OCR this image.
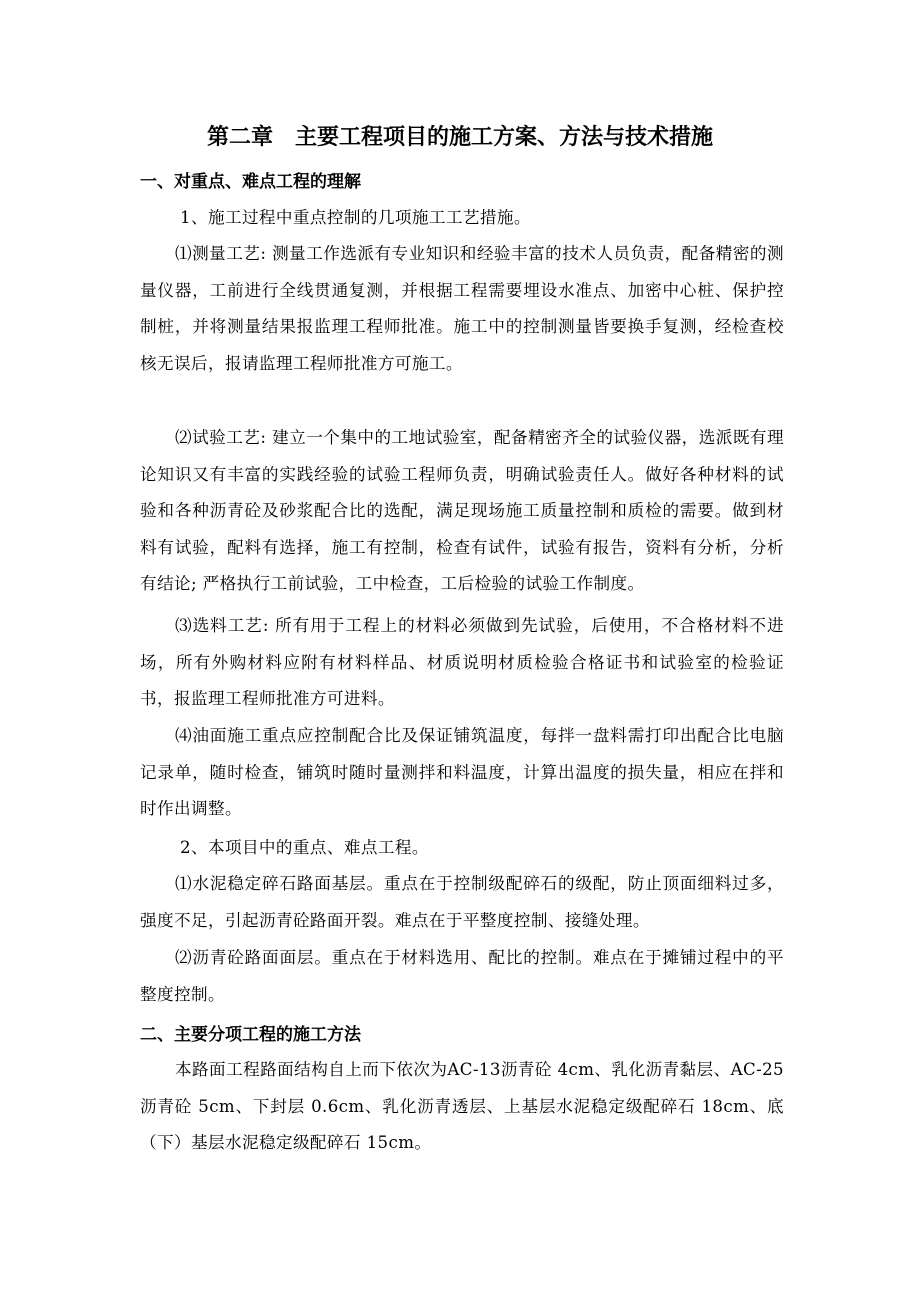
第二章　主要工程项目的施工方案、方法与技术措施
一、对重点、难点工程的理解
1、施工过程中重点控制的几项施工工艺措施。
⑴测量工艺: 测量工作选派有专业知识和经验丰富的技术人员负责，配备精密的测量仪器，工前进行全线贯通复测，并根据工程需要埋设水准点、加密中心桩、保护控制桩，并将测量结果报监理工程师批准。施工中的控制测量皆要换手复测，经检查校核无误后，报请监理工程师批准方可施工。
⑵试验工艺: 建立一个集中的工地试验室，配备精密齐全的试验仪器，选派既有理论知识又有丰富的实践经验的试验工程师负责，明确试验责任人。做好各种材料的试验和各种沥青砼及砂浆配合比的选配，满足现场施工质量控制和质检的需要。做到材料有试验，配料有选择，施工有控制，检查有试件，试验有报告，资料有分析，分析有结论; 严格执行工前试验，工中检查，工后检验的试验工作制度。
⑶选料工艺: 所有用于工程上的材料必须做到先试验，后使用，不合格材料不进场，所有外购材料应附有材料样品、材质说明材质检验合格证书和试验室的检验证书，报监理工程师批准方可进料。
⑷油面施工重点应控制配合比及保证铺筑温度，每拌一盘料需打印出配合比电脑记录单，随时检查，铺筑时随时量测拌和料温度，计算出温度的损失量，相应在拌和时作出调整。
2、本项目中的重点、难点工程。
⑴水泥稳定碎石路面基层。重点在于控制级配碎石的级配，防止顶面细料过多，强度不足，引起沥青砼路面开裂。难点在于平整度控制、接缝处理。
⑵沥青砼路面面层。重点在于材料选用、配比的控制。难点在于摊铺过程中的平整度控制。
二、主要分项工程的施工方法
本路面工程路面结构自上而下依次为AC-13沥青砼 4cm、乳化沥青黏层、AC-25沥青砼 5cm、下封层 0.6cm、乳化沥青透层、上基层水泥稳定级配碎石 18cm、底（下）基层水泥稳定级配碎石 15cm。
